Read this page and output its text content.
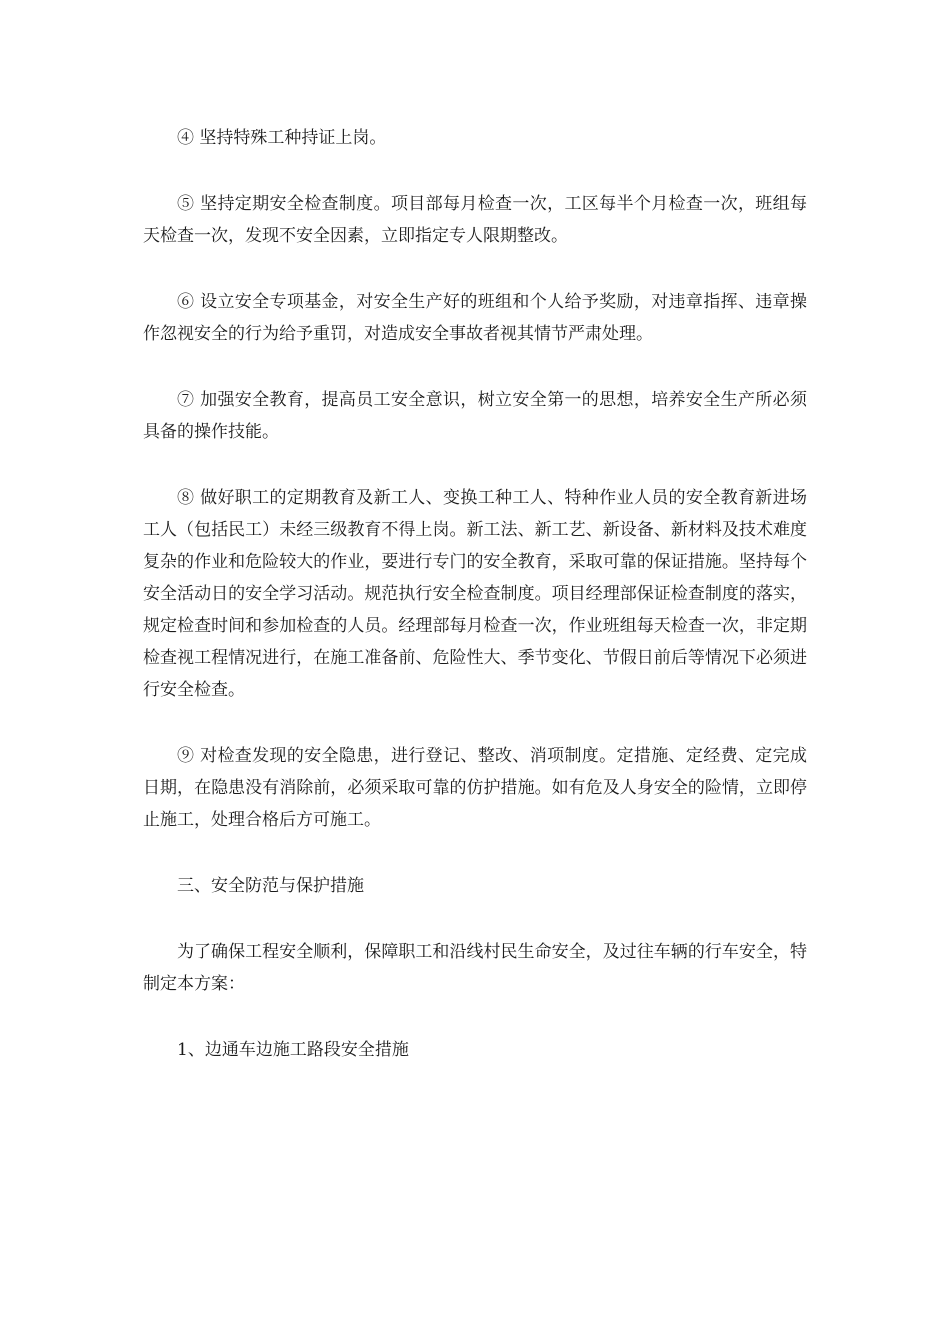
④ 坚持特殊工种持证上岗。

⑤ 坚持定期安全检查制度。项目部每月检查一次，工区每半个月检查一次，班组每天检查一次，发现不安全因素，立即指定专人限期整改。

⑥ 设立安全专项基金，对安全生产好的班组和个人给予奖励，对违章指挥、违章操作忽视安全的行为给予重罚，对造成安全事故者视其情节严肃处理。

⑦ 加强安全教育，提高员工安全意识，树立安全第一的思想，培养安全生产所必须具备的操作技能。

⑧ 做好职工的定期教育及新工人、变换工种工人、特种作业人员的安全教育新进场工人（包括民工）未经三级教育不得上岗。新工法、新工艺、新设备、新材料及技术难度复杂的作业和危险较大的作业，要进行专门的安全教育，采取可靠的保证措施。坚持每个安全活动日的安全学习活动。规范执行安全检查制度。项目经理部保证检查制度的落实，规定检查时间和参加检查的人员。经理部每月检查一次，作业班组每天检查一次，非定期检查视工程情况进行，在施工准备前、危险性大、季节变化、节假日前后等情况下必须进行安全检查。

⑨ 对检查发现的安全隐患，进行登记、整改、消项制度。定措施、定经费、定完成日期，在隐患没有消除前，必须采取可靠的仿护措施。如有危及人身安全的险情，立即停止施工，处理合格后方可施工。

三、安全防范与保护措施

为了确保工程安全顺利，保障职工和沿线村民生命安全，及过往车辆的行车安全，特制定本方案：

1、边通车边施工路段安全措施
